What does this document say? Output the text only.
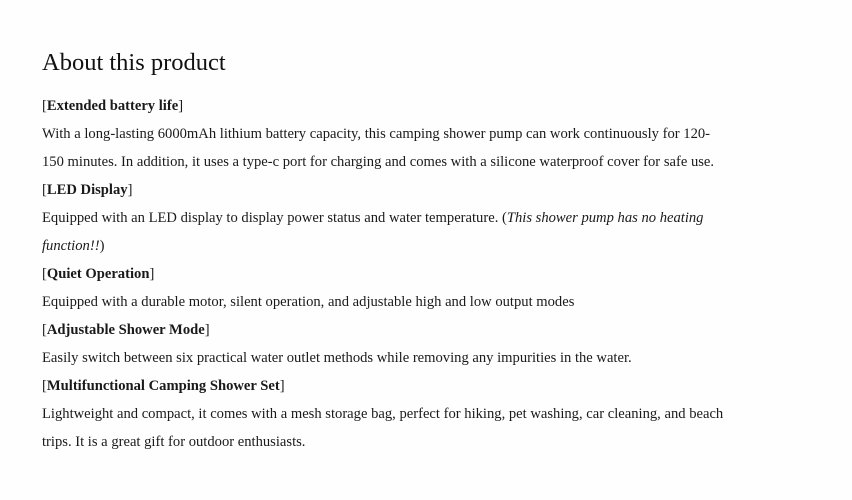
About this product

[Extended battery life]

With a long-lasting 6000mAh lithium battery capacity, this camping shower pump can work continuously for 120-
150 minutes. In addition, it uses a type-c port for charging and comes with a silicone waterproof cover for safe use.

[LED Display]

Equipped with an LED display to display power status and water temperature. (This shower pump has no heating
function!!)

[Quiet Operation]

Equipped with a durable motor, silent operation, and adjustable high and low output modes

[Adjustable Shower Mode]

Easily switch between six practical water outlet methods while removing any impurities in the water.

[Multifunctional Camping Shower Set]

Lightweight and compact, it comes with a mesh storage bag, perfect for hiking, pet washing, car cleaning, and beach
trips. It is a great gift for outdoor enthusiasts.
